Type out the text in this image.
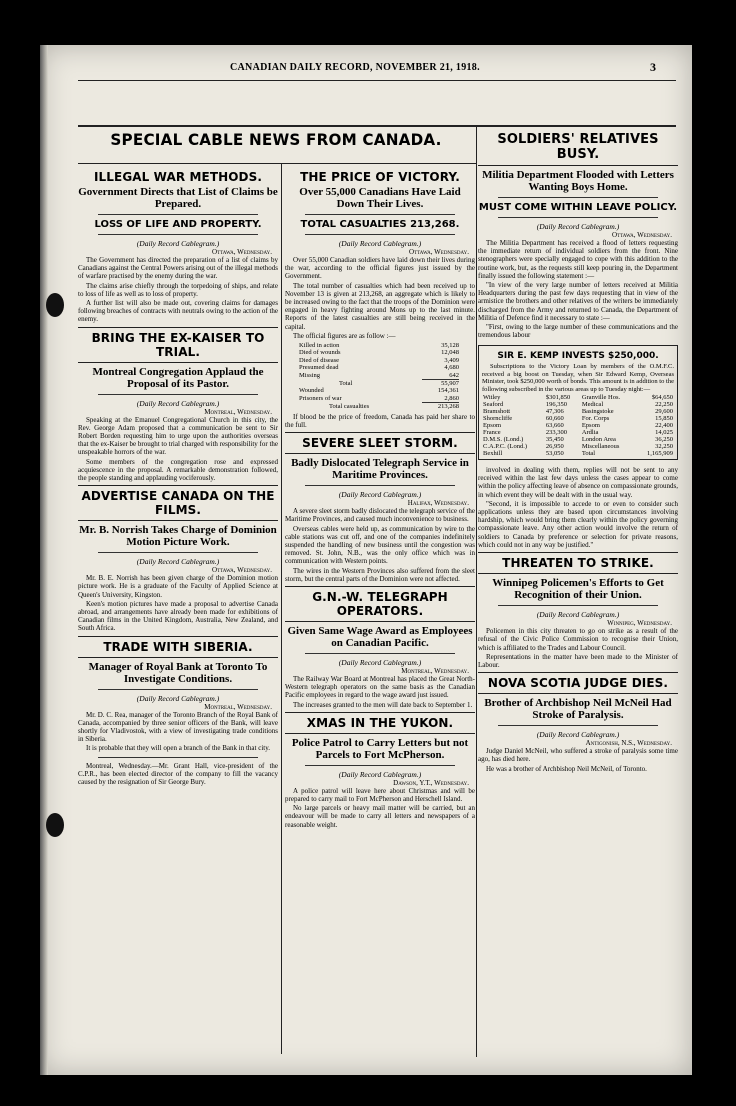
CANADIAN DAILY RECORD, NOVEMBER 21, 1918.	3
SPECIAL CABLE NEWS FROM CANADA.
ILLEGAL WAR METHODS.
Government Directs that List of Claims be Prepared.
LOSS OF LIFE AND PROPERTY.
(Daily Record Cablegram.)
Ottawa, Wednesday.

The Government has directed the preparation of a list of claims by Canadians against the Central Powers arising out of the illegal methods of warfare practised by the enemy during the war.

The claims arise chiefly through the torpedoing of ships, and relate to loss of life as well as to loss of property.

A further list will also be made out, covering claims for damages following breaches of contracts with neutrals owing to the action of the enemy.

BRING THE EX-KAISER TO TRIAL.
Montreal Congregation Applaud the Proposal of its Pastor.
(Daily Record Cablegram.)
Montreal, Wednesday.

Speaking at the Emanuel Congregational Church in this city, the Rev. George Adam proposed that a communication be sent to Sir Robert Borden requesting him to urge upon the authorities overseas that the ex-Kaiser be brought to trial charged with responsibility for the unspeakable horrors of the war.

Some members of the congregation rose and expressed acquiescence in the proposal. A remarkable demonstration followed, the people standing and applauding vociferously.

ADVERTISE CANADA ON THE FILMS.
Mr. B. Norrish Takes Charge of Dominion Motion Picture Work.
(Daily Record Cablegram.)
Ottawa, Wednesday.

Mr. B. E. Norrish has been given charge of the Dominion motion picture work. He is a graduate of the Faculty of Applied Science at Queen's University, Kingston.

Keen's motion pictures have made a proposal to advertise Canada abroad, and arrangements have already been made for exhibitions of Canadian films in the United Kingdom, Australia, New Zealand, and South Africa.

TRADE WITH SIBERIA.
Manager of Royal Bank at Toronto To Investigate Conditions.
(Daily Record Cablegram.)
Montreal, Wednesday.

Mr. D. C. Rea, manager of the Toronto Branch of the Royal Bank of Canada, accompanied by three senior officers of the Bank, will leave shortly for Vladivostok, with a view of investigating trade conditions in Siberia.

It is probable that they will open a branch of the Bank in that city.

Montreal, Wednesday.—Mr. Grant Hall, vice-president of the C.P.R., has been elected director of the company to fill the vacancy caused by the resignation of Sir George Bury.

THE PRICE OF VICTORY.
Over 55,000 Canadians Have Laid Down Their Lives.
TOTAL CASUALTIES 213,268.
(Daily Record Cablegram.)
Ottawa, Wednesday.

Over 55,000 Canadian soldiers have laid down their lives during the war, according to the official figures just issued by the Government.

The total number of casualties which had been received up to November 13 is given at 213,268, an aggregate which is likely to be increased owing to the fact that the troops of the Dominion were engaged in heavy fighting around Mons up to the last minute. Reports of the latest casualties are still being received in the capital.

The official figures are as follow :—

Killed in action	35,128
Died of wounds	12,048
Died of disease	3,409
Presumed dead	4,680
Missing	642
Total	55,907
Wounded	154,361
Prisoners of war	2,860
Total casualties	213,268

If blood be the price of freedom, Canada has paid her share to the full.

SEVERE SLEET STORM.
Badly Dislocated Telegraph Service in Maritime Provinces.
(Daily Record Cablegram.)
Halifax, Wednesday.

A severe sleet storm badly dislocated the telegraph service of the Maritime Provinces, and caused much inconvenience to business.

Overseas cables were held up, as communication by wire to the cable stations was cut off, and one of the companies indefinitely suspended the handling of new business until the congestion was removed. St. John, N.B., was the only office which was in communication with Western points.

The wires in the Western Provinces also suffered from the sleet storm, but the central parts of the Dominion were not affected.

G.N.-W. TELEGRAPH OPERATORS.
Given Same Wage Award as Employees on Canadian Pacific.
(Daily Record Cablegram.)
Montreal, Wednesday.

The Railway War Board at Montreal has placed the Great North-Western telegraph operators on the same basis as the Canadian Pacific employees in regard to the wage award just issued.

The increases granted to the men will date back to September 1.

XMAS IN THE YUKON.
Police Patrol to Carry Letters but not Parcels to Fort McPherson.
(Daily Record Cablegram.)
Dawson, Y.T., Wednesday.

A police patrol will leave here about Christmas and will be prepared to carry mail to Fort McPherson and Herschell Island.

No large parcels or heavy mail matter will be carried, but an endeavour will be made to carry all letters and newspapers of a reasonable weight.

SOLDIERS' RELATIVES BUSY.
Militia Department Flooded with Letters Wanting Boys Home.
MUST COME WITHIN LEAVE POLICY.
(Daily Record Cablegram.)
Ottawa, Wednesday.

The Militia Department has received a flood of letters requesting the immediate return of individual soldiers from the front. Nine stenographers were specially engaged to cope with this addition to the routine work, but, as the requests still keep pouring in, the Department finally issued the following statement :—

"In view of the very large number of letters received at Militia Headquarters during the past few days requesting that in view of the armistice the brothers and other relatives of the writers be immediately discharged from the Army and returned to Canada, the Department of Militia of Defence find it necessary to state :—

"First, owing to the large number of these communications and the tremendous labour

SIR E. KEMP INVESTS $250,000.

Subscriptions to the Victory Loan by members of the O.M.F.C. received a big boost on Tuesday, when Sir Edward Kemp, Overseas Minister, took $250,000 worth of bonds. This amount is in addition to the following subscribed in the various areas up to Tuesday night:—

Witley	$301,850	Granville Hos.	$64,650
Seaford	196,350	Medical	22,250
Bramshott	47,306	Basingstoke	29,600
Shorncliffe	60,660	For. Corps	15,850
Epsom	63,660	Epsom	22,400
France	233,300	Ardlia	14,025
D.M.S. (Lond.)	35,450	London Area	36,250
C.A.P.C. (Lond.)	26,950	Miscellaneous	32,250
Bexhill	53,050	Total	1,165,909

involved in dealing with them, replies will not be sent to any received within the last few days unless the cases appear to come within the policy affecting leave of absence on compassionate grounds, in which event they will be dealt with in the usual way.

"Second, it is impossible to accede to or even to consider such applications unless they are based upon circumstances involving hardship, which would bring them clearly within the policy governing compassionate leave. Any other action would involve the return of soldiers to Canada by preference or selection for private reasons, which could not in any way be justified."

THREATEN TO STRIKE.
Winnipeg Policemen's Efforts to Get Recognition of their Union.
(Daily Record Cablegram.)
Winnipeg, Wednesday.

Policemen in this city threaten to go on strike as a result of the refusal of the Civic Police Commission to recognise their Union, which is affiliated to the Trades and Labour Council.

Representations in the matter have been made to the Minister of Labour.

NOVA SCOTIA JUDGE DIES.
Brother of Archbishop Neil McNeil Had Stroke of Paralysis.
(Daily Record Cablegram.)
Antigonish, N.S., Wednesday.

Judge Daniel McNeil, who suffered a stroke of paralysis some time ago, has died here.

He was a brother of Archbishop Neil McNeil, of Toronto.
